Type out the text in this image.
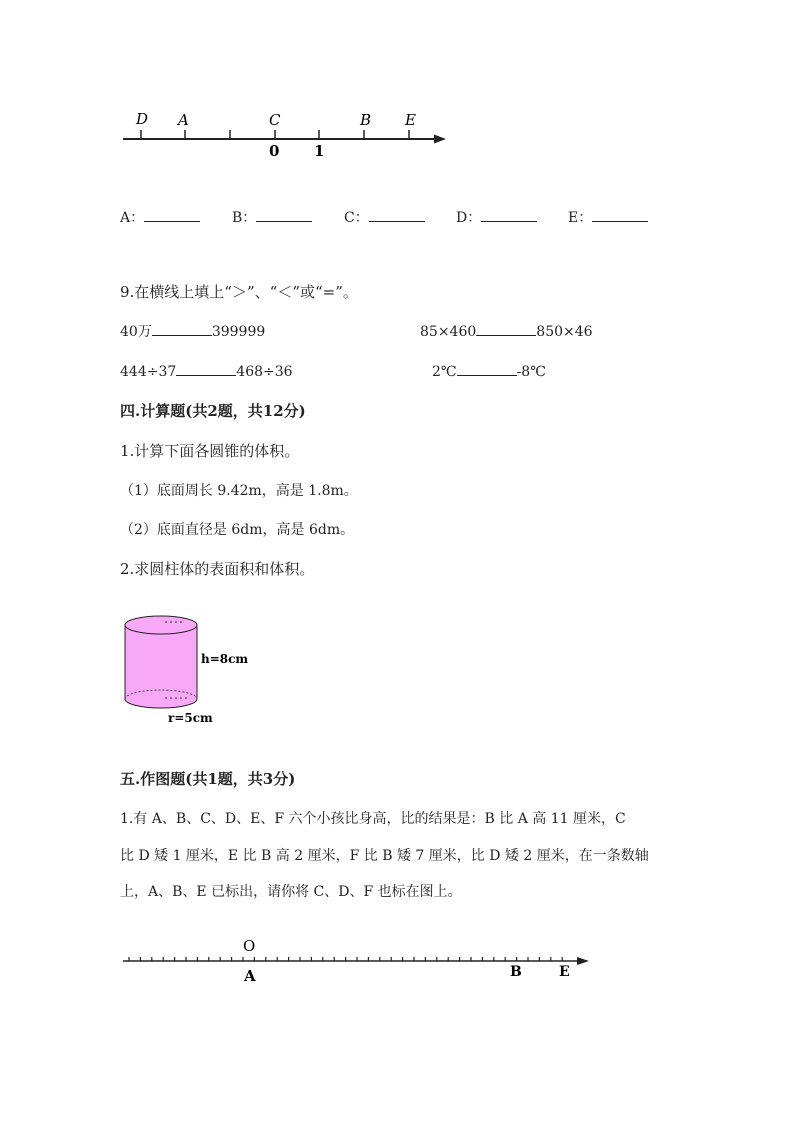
D A	C	B E
0 1
A：	B：	C：	D：	E：
9.在横线上填上“＞”、“＜”或“=”。
40万	399999	85×460	850×46
444÷37	468÷36	2℃	-8℃
四.计算题(共2题，共12分)
1.计算下面各圆锥的体积。
（1）底面周长 9.42m，高是 1.8m。
（2）底面直径是 6dm，高是 6dm。
2.求圆柱体的表面积和体积。
h=8cm
r=5cm
五.作图题(共1题，共3分)
1.有 A、B、C、D、E、F 六个小孩比身高，比的结果是：B 比 A 高 11 厘米，C
比 D 矮 1 厘米，E 比 B 高 2 厘米，F 比 B 矮 7 厘米，比 D 矮 2 厘米，在一条数轴
上，A、B、E 已标出，请你将 C、D、F 也标在图上。
O
A	B	E
